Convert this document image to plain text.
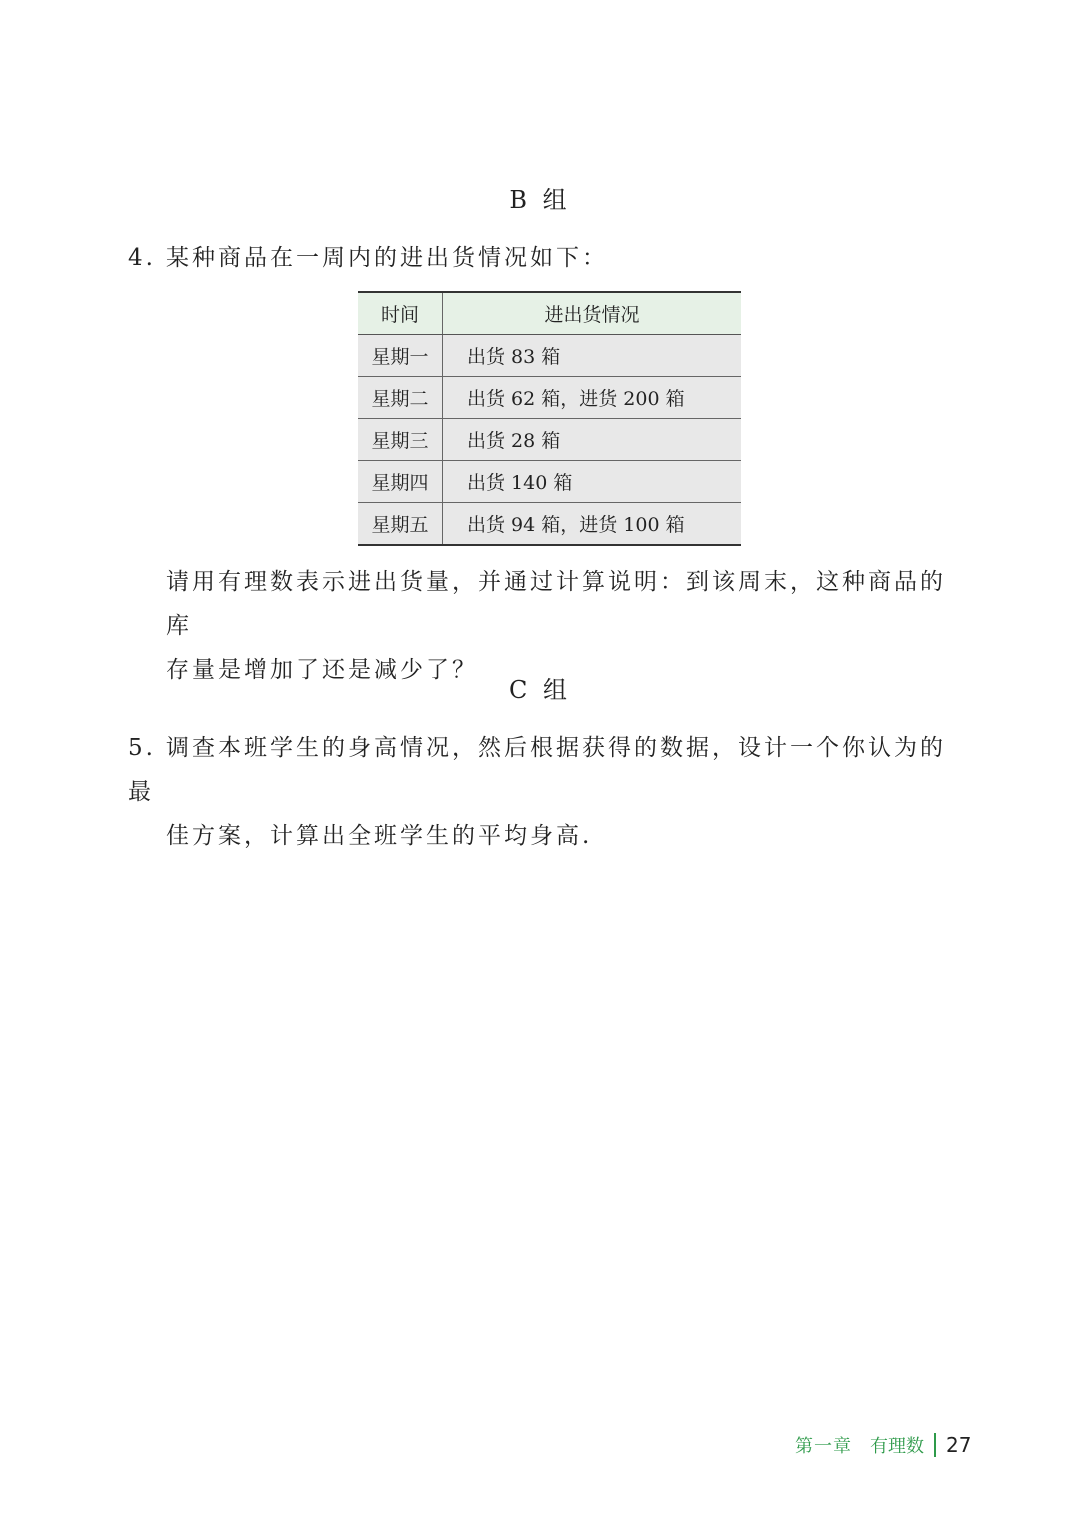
B 组
4. 某种商品在一周内的进出货情况如下：
时间	进出货情况
星期一	出货 83 箱
星期二	出货 62 箱，进货 200 箱
星期三	出货 28 箱
星期四	出货 140 箱
星期五	出货 94 箱，进货 100 箱
请用有理数表示进出货量，并通过计算说明：到该周末，这种商品的库
存量是增加了还是减少了？
C 组
5. 调查本班学生的身高情况，然后根据获得的数据，设计一个你认为的最
佳方案，计算出全班学生的平均身高.
第一章 有理数 27
